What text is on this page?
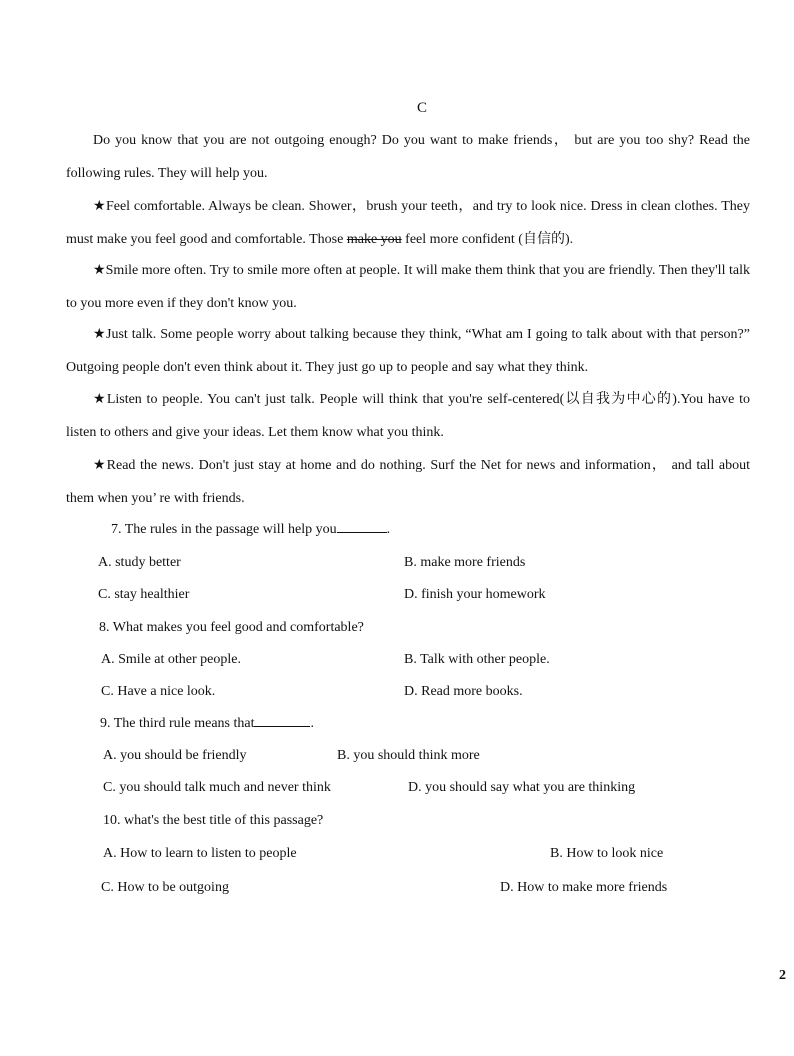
C

Do you know that you are not outgoing enough? Do you want to make friends， but are you too shy? Read the following rules. They will help you.

★Feel comfortable. Always be clean. Shower，brush your teeth，and try to look nice. Dress in clean clothes. They must make you feel good and comfortable. Those make you feel more confident (自信的).

★Smile more often. Try to smile more often at people. It will make them think that you are friendly. Then they'll talk to you more even if they don't know you.

★Just talk. Some people worry about talking because they think, “What am I going to talk about with that person?” Outgoing people don't even think about it. They just go up to people and say what they think.

★Listen to people. You can't just talk. People will think that you're self-centered(以自我为中心的).You have to listen to others and give your ideas. Let them know what you think.

★Read the news. Don't just stay at home and do nothing. Surf the Net for news and information， and tall about them when you’ re with friends.

7. The rules in the passage will help you	.
A. study better	B. make more friends
C. stay healthier	D. finish your homework
8. What makes you feel good and comfortable?
A. Smile at other people.	B. Talk with other people.
C. Have a nice look.	D. Read more books.
9. The third rule means that	.
A. you should be friendly	B. you should think more
C. you should talk much and never think	D. you should say what you are thinking
10. what's the best title of this passage?
A. How to learn to listen to people	B. How to look nice
C. How to be outgoing	D. How to make more friends
2
